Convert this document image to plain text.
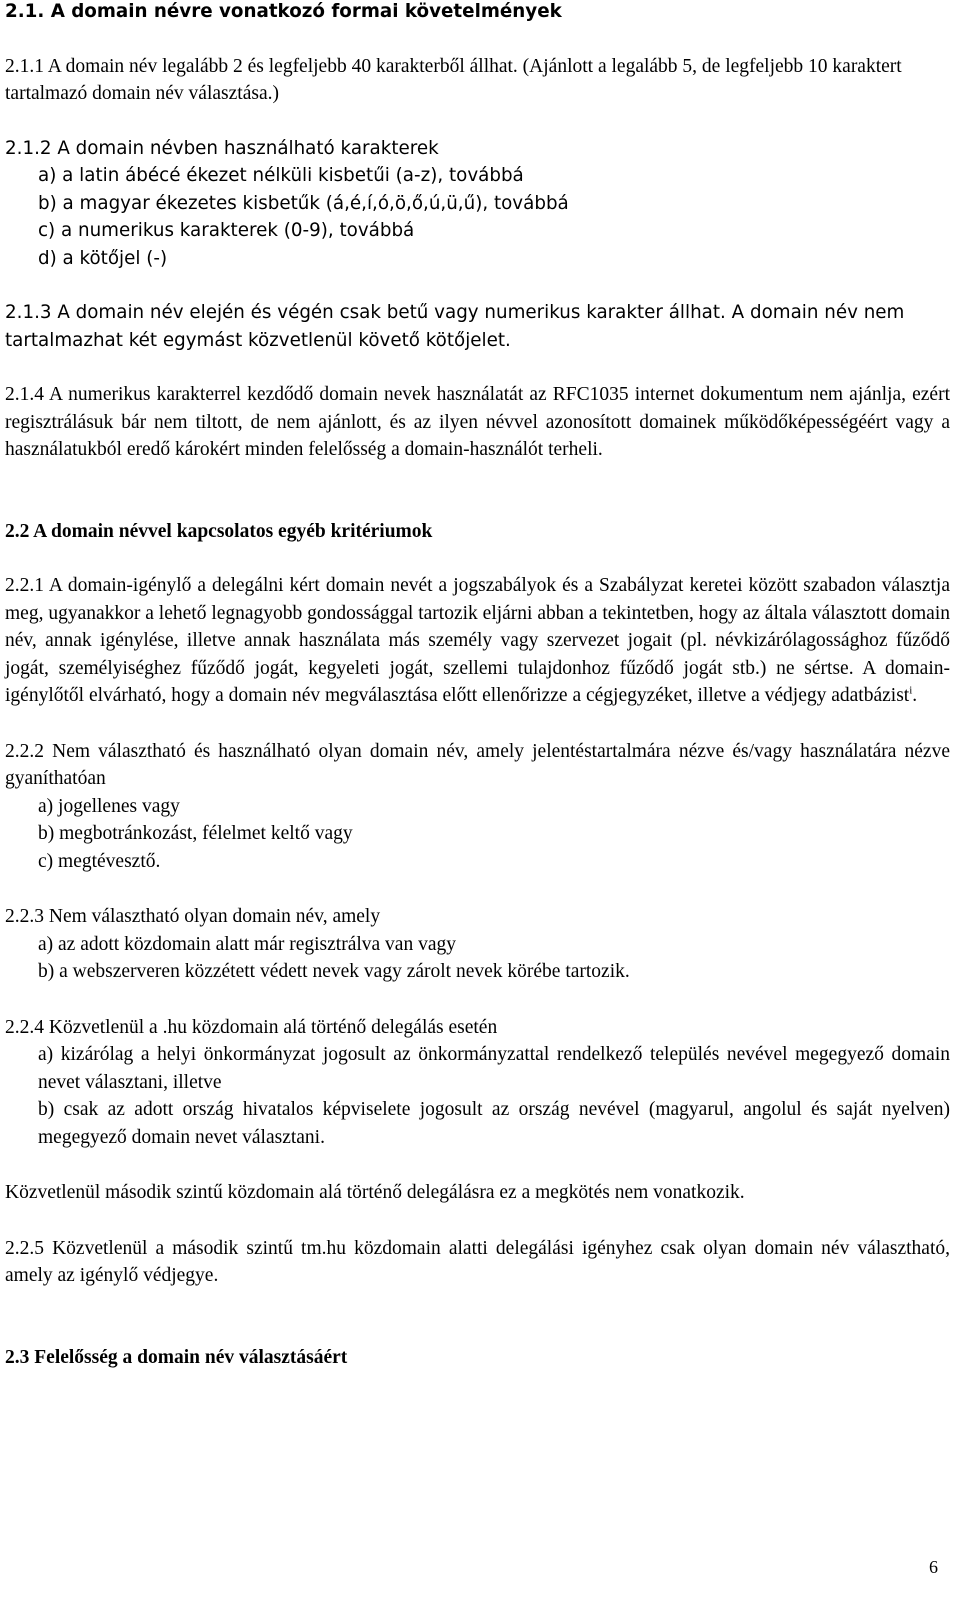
2.1. A domain névre vonatkozó formai követelmények

2.1.1 A domain név legalább 2 és legfeljebb 40 karakterből állhat. (Ajánlott a legalább 5, de legfeljebb 10 karaktert tartalmazó domain név választása.)

2.1.2 A domain névben használható karakterek

a) a latin ábécé ékezet nélküli kisbetűi (a-z), továbbá

b) a magyar ékezetes kisbetűk (á,é,í,ó,ö,ő,ú,ü,ű), továbbá

c) a numerikus karakterek (0-9), továbbá

d) a kötőjel (-)

2.1.3 A domain név elején és végén csak betű vagy numerikus karakter állhat. A domain név nem tartalmazhat két egymást közvetlenül követő kötőjelet.

2.1.4 A numerikus karakterrel kezdődő domain nevek használatát az RFC1035 internet dokumentum nem ajánlja, ezért regisztrálásuk bár nem tiltott, de nem ajánlott, és az ilyen névvel azonosított domainek működőképességéért vagy a használatukból eredő károkért minden felelősség a domain-használót terheli.

2.2 A domain névvel kapcsolatos egyéb kritériumok

2.2.1 A domain-igénylő a delegálni kért domain nevét a jogszabályok és a Szabályzat keretei között szabadon választja meg, ugyanakkor a lehető legnagyobb gondossággal tartozik eljárni abban a tekintetben, hogy az általa választott domain név, annak igénylése, illetve annak használata más személy vagy szervezet jogait (pl. névkizárólagossághoz fűződő jogát, személyiséghez fűződő jogát, kegyeleti jogát, szellemi tulajdonhoz fűződő jogát stb.) ne sértse. A domain-igénylőtől elvárható, hogy a domain név megválasztása előtt ellenőrizze a cégjegyzéket, illetve a védjegy adatbázist$^i$.

2.2.2 Nem választható és használható olyan domain név, amely jelentéstartalmára nézve és/vagy használatára nézve gyaníthatóan

a) jogellenes vagy

b) megbotránkozást, félelmet keltő vagy

c) megtévesztő.

2.2.3 Nem választható olyan domain név, amely

a) az adott közdomain alatt már regisztrálva van vagy

b) a webszerveren közzétett védett nevek vagy zárolt nevek körébe tartozik.

2.2.4 Közvetlenül a .hu közdomain alá történő delegálás esetén

a) kizárólag a helyi önkormányzat jogosult az önkormányzattal rendelkező település nevével megegyező domain nevet választani, illetve

b) csak az adott ország hivatalos képviselete jogosult az ország nevével (magyarul, angolul és saját nyelven) megegyező domain nevet választani.

Közvetlenül második szintű közdomain alá történő delegálásra ez a megkötés nem vonatkozik.

2.2.5 Közvetlenül a második szintű tm.hu közdomain alatti delegálási igényhez csak olyan domain név választható, amely az igénylő védjegye.

2.3 Felelősség a domain név választásáért

6
